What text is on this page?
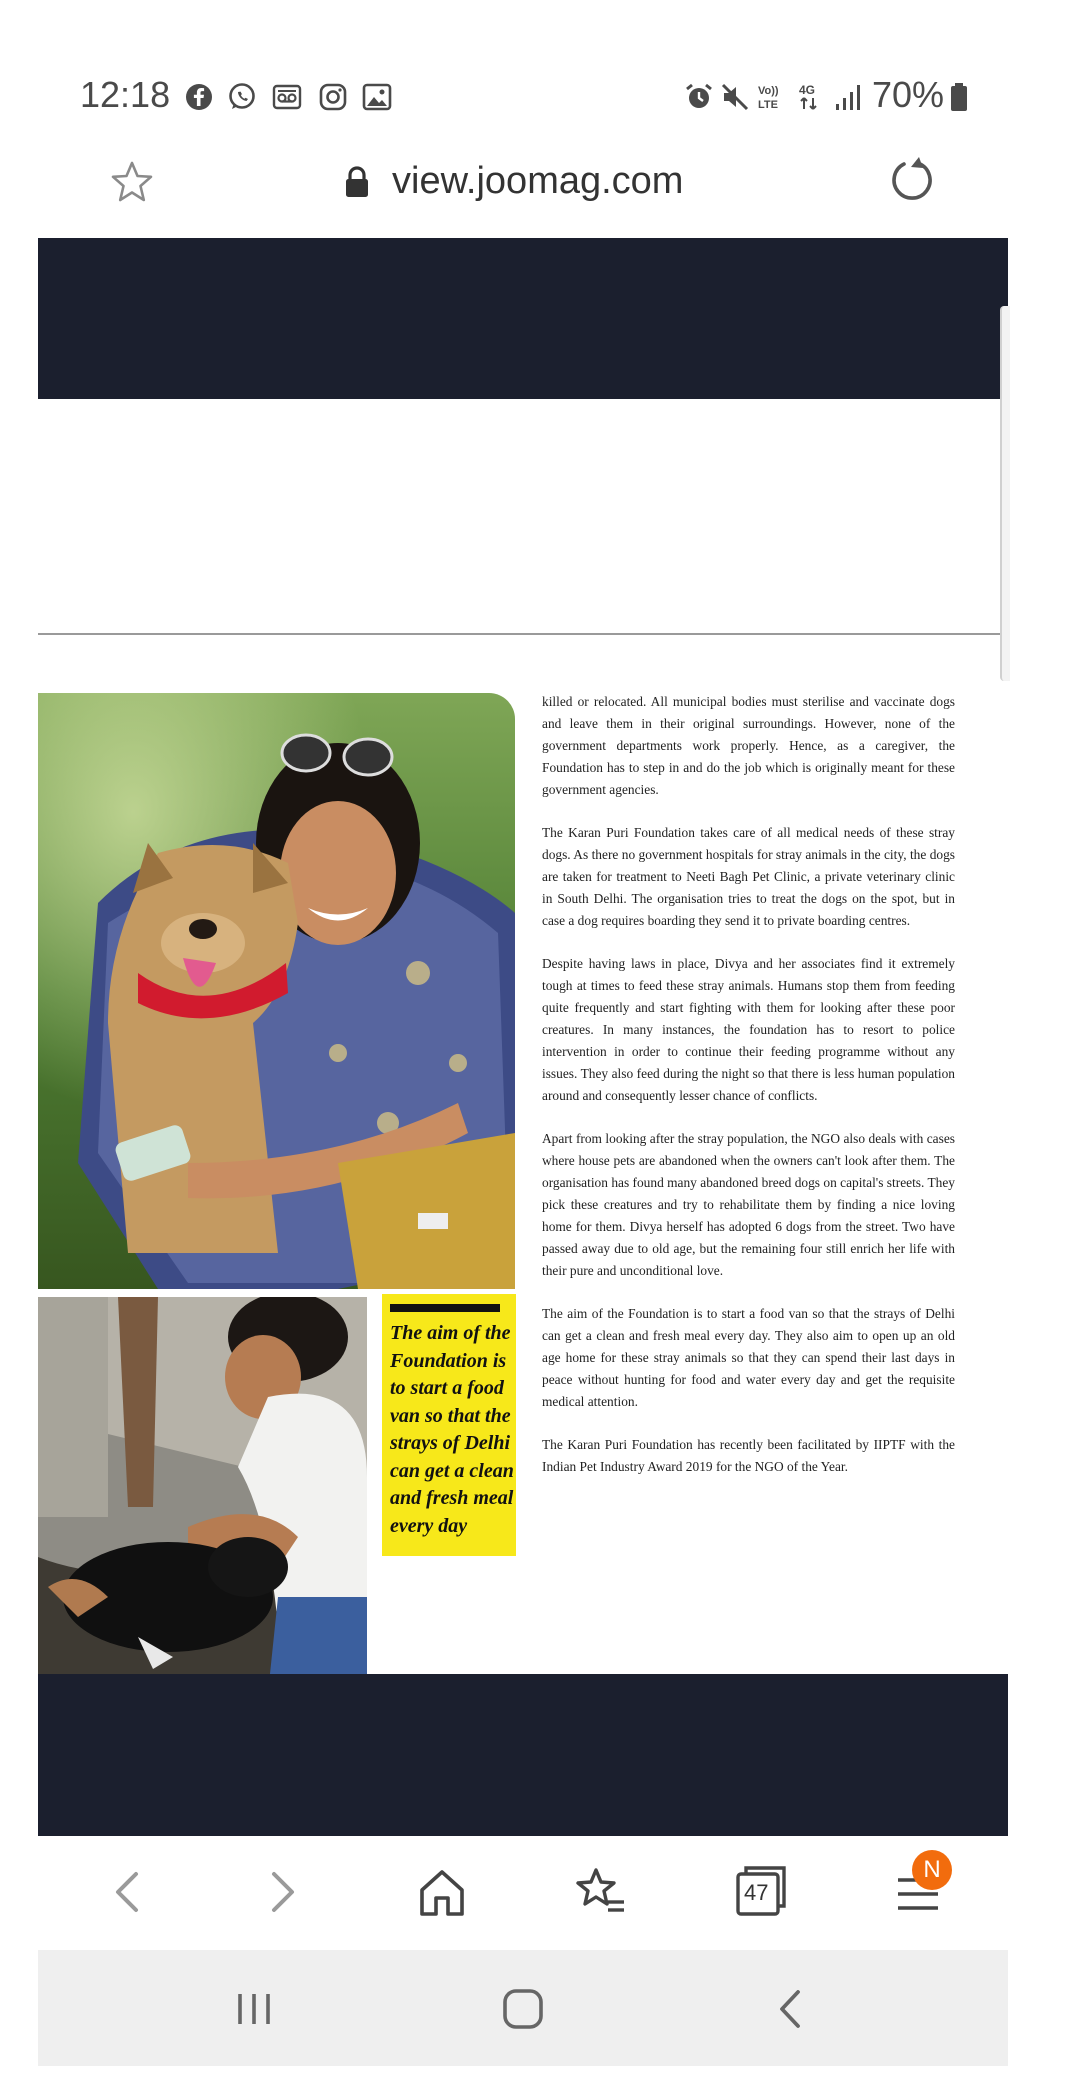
12:18	Vo))
LTE
4G 70%
view.joomag.com
The aim of the Foundation is to start a food van so that the strays of Delhi can get a clean and fresh meal every day

killed or relocated. All municipal bodies must sterilise and vaccinate dogs and leave them in their original surroundings. However, none of the government departments work properly. Hence, as a caregiver, the Foundation has to step in and do the job which is originally meant for these government agencies.

The Karan Puri Foundation takes care of all medical needs of these stray dogs. As there no government hospitals for stray animals in the city, the dogs are taken for treatment to Neeti Bagh Pet Clinic, a private veterinary clinic in South Delhi. The organisation tries to treat the dogs on the spot, but in case a dog requires boarding they send it to private boarding centres.

Despite having laws in place, Divya and her associates find it extremely tough at times to feed these stray animals. Humans stop them from feeding quite frequently and start fighting with them for looking after these poor creatures. In many instances, the foundation has to resort to police intervention in order to continue their feeding programme without any issues. They also feed during the night so that there is less human population around and consequently lesser chance of conflicts.

Apart from looking after the stray population, the NGO also deals with cases where house pets are abandoned when the owners can't look after them. The organisation has found many abandoned breed dogs on capital's streets. They pick these creatures and try to rehabilitate them by finding a nice loving home for them. Divya herself has adopted 6 dogs from the street. Two have passed away due to old age, but the remaining four still enrich her life with their pure and unconditional love.

The aim of the Foundation is to start a food van so that the strays of Delhi can get a clean and fresh meal every day. They also aim to open up an old age home for these stray animals so that they can spend their last days in peace without hunting for food and water every day and get the requisite medical attention.

The Karan Puri Foundation has recently been facilitated by IIPTF with the Indian Pet Industry Award 2019 for the NGO of the Year.

47
N
